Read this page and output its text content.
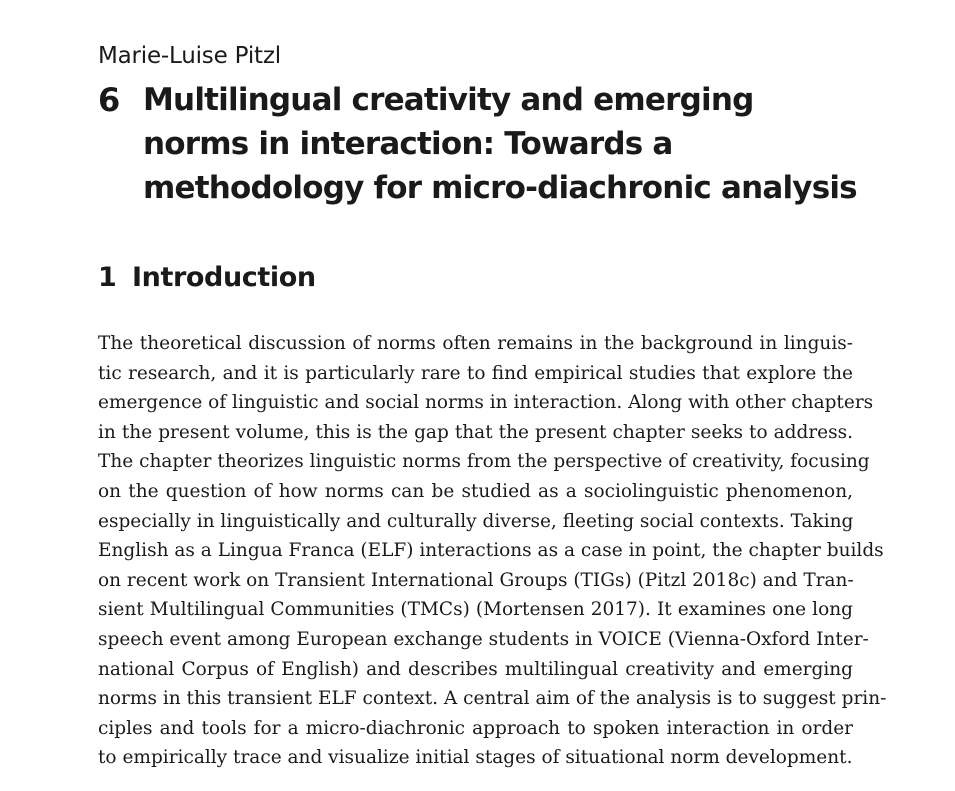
Marie-Luise Pitzl
6 Multilingual creativity and emerging
norms in interaction: Towards a
methodology for micro-diachronic analysis
1 Introduction

The theoretical discussion of norms often remains in the background in linguis-
tic research, and it is particularly rare to find empirical studies that explore the
emergence of linguistic and social norms in interaction. Along with other chapters
in the present volume, this is the gap that the present chapter seeks to address.
The chapter theorizes linguistic norms from the perspective of creativity, focusing
on the question of how norms can be studied as a sociolinguistic phenomenon,
especially in linguistically and culturally diverse, fleeting social contexts. Taking
English as a Lingua Franca (ELF) interactions as a case in point, the chapter builds
on recent work on Transient International Groups (TIGs) (Pitzl 2018c) and Tran-
sient Multilingual Communities (TMCs) (Mortensen 2017). It examines one long
speech event among European exchange students in VOICE (Vienna-Oxford Inter-
national Corpus of English) and describes multilingual creativity and emerging
norms in this transient ELF context. A central aim of the analysis is to suggest prin-
ciples and tools for a micro-diachronic approach to spoken interaction in order
to empirically trace and visualize initial stages of situational norm development.
